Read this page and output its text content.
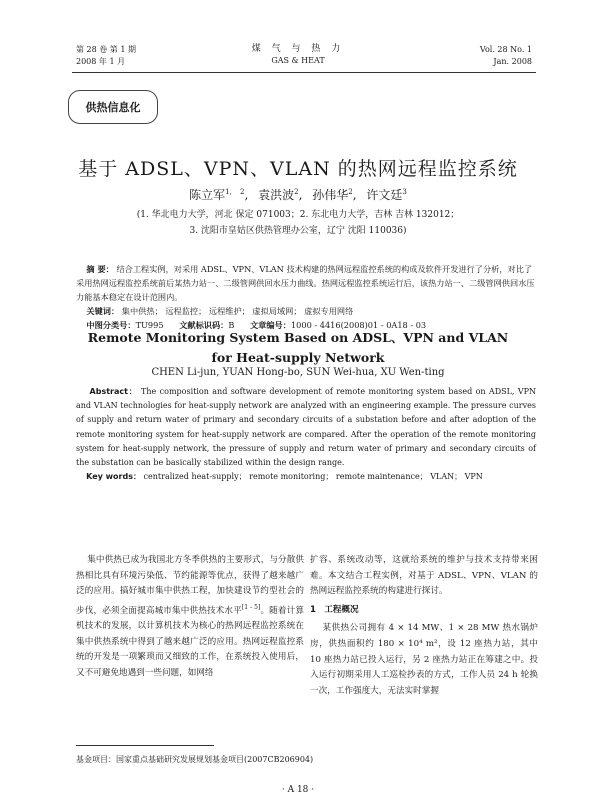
第 28 卷 第 1 期
2008 年 1 月
煤 气 与 热 力
GAS & HEAT
Vol. 28 No. 1
Jan. 2008
供热信息化
基于 ADSL、VPN、VLAN 的热网远程监控系统
陈立军$^{1, 2}$, 袁洪波$^2$, 孙伟华$^2$, 许文廷$^3$
(1. 华北电力大学，河北 保定 071003；2. 东北电力大学，吉林 吉林 132012；
3. 沈阳市皇姑区供热管理办公室，辽宁 沈阳 110036)
摘 要： 结合工程实例，对采用 ADSL、VPN、VLAN 技术构建的热网远程监控系统的构成及软件开发进行了分析，对比了采用热网远程监控系统前后某热力站一、二级管网供回水压力曲线。热网远程监控系统运行后，该热力站一、二级管网供回水压力能基本稳定在设计范围内。
关键词： 集中供热； 远程监控； 远程维护； 虚拟局域网； 虚拟专用网络
中图分类号：TU995 文献标识码：B 文章编号：1000 - 4416(2008)01 - 0A18 - 03
Remote Monitoring System Based on ADSL、VPN and VLAN
for Heat-supply Network
CHEN Li-jun, YUAN Hong-bo, SUN Wei-hua, XU Wen-ting
Abstract： The composition and software development of remote monitoring system based on ADSL, VPN and VLAN technologies for heat-supply network are analyzed with an engineering example. The pressure curves of supply and return water of primary and secondary circuits of a substation before and after adoption of the remote monitoring system for heat-supply network are compared. After the operation of the remote monitoring system for heat-supply network, the pressure of supply and return water of primary and secondary circuits of the substation can be basically stabilized within the design range.
Key words： centralized heat-supply； remote monitoring； remote maintenance； VLAN； VPN
集中供热已成为我国北方冬季供热的主要形式，与分散供热相比具有环境污染低、节约能源等优点，获得了越来越广泛的应用。搞好城市集中供热工程，加快建设节约型社会的步伐，必须全面提高城市集中供热技术水平[1 - 5]。随着计算机技术的发展，以计算机技术为核心的热网远程监控系统在集中供热系统中得到了越来越广泛的应用。热网远程监控系统的开发是一项繁琐而又细致的工作，在系统投入使用后，又不可避免地遇到一些问题，如网络
扩容、系统改动等，这就给系统的维护与技术支持带来困难。本文结合工程实例，对基于 ADSL、VPN、VLAN 的热网远程监控系统的构建进行探讨。
1 工程概况
某供热公司拥有 4 × 14 MW、1 × 28 MW 热水锅炉房，供热面积约 180 × 10⁴ m²，设 12 座热力站，其中 10 座热力站已投入运行，另 2 座热力站正在筹建之中。投入运行初期采用人工巡检抄表的方式，工作人员 24 h 轮换一次，工作强度大，无法实时掌握
基金项目：国家重点基础研究发展规划基金项目(2007CB206904)
· A 18 ·
